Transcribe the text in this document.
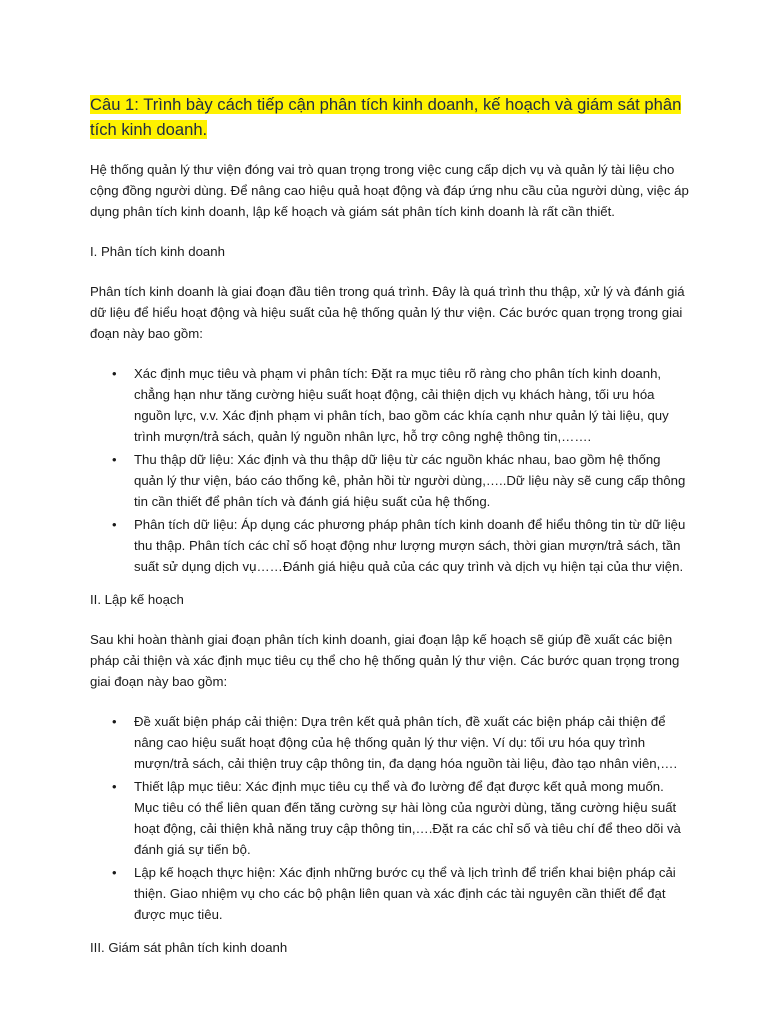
Câu 1: Trình bày cách tiếp cận phân tích kinh doanh, kế hoạch và giám sát phân tích kinh doanh.

Hệ thống quản lý thư viện đóng vai trò quan trọng trong việc cung cấp dịch vụ và quản lý tài liệu cho cộng đồng người dùng. Để nâng cao hiệu quả hoạt động và đáp ứng nhu cầu của người dùng, việc áp dụng phân tích kinh doanh, lập kế hoạch và giám sát phân tích kinh doanh là rất cần thiết.

I. Phân tích kinh doanh

Phân tích kinh doanh là giai đoạn đầu tiên trong quá trình. Đây là quá trình thu thập, xử lý và đánh giá dữ liệu để hiểu hoạt động và hiệu suất của hệ thống quản lý thư viện. Các bước quan trọng trong giai đoạn này bao gồm:

• Xác định mục tiêu và phạm vi phân tích: Đặt ra mục tiêu rõ ràng cho phân tích kinh doanh, chẳng hạn như tăng cường hiệu suất hoạt động, cải thiện dịch vụ khách hàng, tối ưu hóa nguồn lực, v.v. Xác định phạm vi phân tích, bao gồm các khía cạnh như quản lý tài liệu, quy trình mượn/trả sách, quản lý nguồn nhân lực, hỗ trợ công nghệ thông tin,…….
• Thu thập dữ liệu: Xác định và thu thập dữ liệu từ các nguồn khác nhau, bao gồm hệ thống quản lý thư viện, báo cáo thống kê, phản hồi từ người dùng,…..Dữ liệu này sẽ cung cấp thông tin cần thiết để phân tích và đánh giá hiệu suất của hệ thống.
• Phân tích dữ liệu: Áp dụng các phương pháp phân tích kinh doanh để hiểu thông tin từ dữ liệu thu thập. Phân tích các chỉ số hoạt động như lượng mượn sách, thời gian mượn/trả sách, tần suất sử dụng dịch vụ……Đánh giá hiệu quả của các quy trình và dịch vụ hiện tại của thư viện.
II. Lập kế hoạch

Sau khi hoàn thành giai đoạn phân tích kinh doanh, giai đoạn lập kế hoạch sẽ giúp đề xuất các biện pháp cải thiện và xác định mục tiêu cụ thể cho hệ thống quản lý thư viện. Các bước quan trọng trong giai đoạn này bao gồm:

• Đề xuất biện pháp cải thiện: Dựa trên kết quả phân tích, đề xuất các biện pháp cải thiện để nâng cao hiệu suất hoạt động của hệ thống quản lý thư viện. Ví dụ: tối ưu hóa quy trình mượn/trả sách, cải thiện truy cập thông tin, đa dạng hóa nguồn tài liệu, đào tạo nhân viên,….
• Thiết lập mục tiêu: Xác định mục tiêu cụ thể và đo lường để đạt được kết quả mong muốn. Mục tiêu có thể liên quan đến tăng cường sự hài lòng của người dùng, tăng cường hiệu suất hoạt động, cải thiện khả năng truy cập thông tin,….Đặt ra các chỉ số và tiêu chí để theo dõi và đánh giá sự tiến bộ.
• Lập kế hoạch thực hiện: Xác định những bước cụ thể và lịch trình để triển khai biện pháp cải thiện. Giao nhiệm vụ cho các bộ phận liên quan và xác định các tài nguyên cần thiết để đạt được mục tiêu.
III. Giám sát phân tích kinh doanh
